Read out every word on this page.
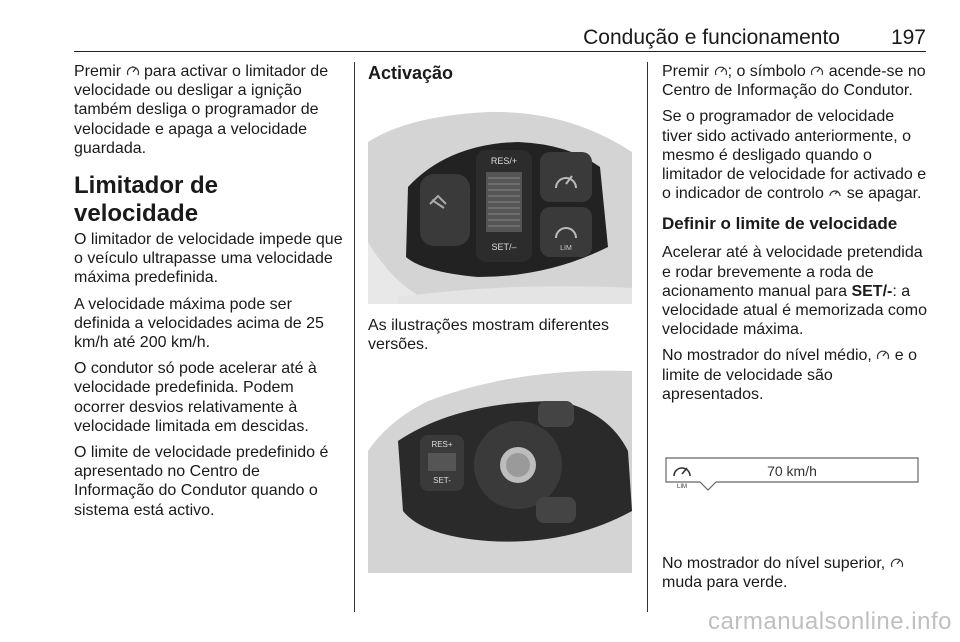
Condução e funcionamento 197

Premir  para activar o limitador de velocidade ou desligar a ignição também desliga o programador de velocidade e apaga a velocidade guardada.

Limitador de velocidade

O limitador de velocidade impede que o veículo ultrapasse uma velocidade máxima predefinida.

A velocidade máxima pode ser definida a velocidades acima de 25 km/h até 200 km/h.

O condutor só pode acelerar até à velocidade predefinida. Podem ocorrer desvios relativamente à velocidade limitada em descidas.

O limite de velocidade predefinido é apresentado no Centro de Informação do Condutor quando o sistema está activo.

Activação
RES/+
SET/–	LIM

As ilustrações mostram diferentes versões.

RES+
SET-

Premir ; o símbolo  acende-se no Centro de Informação do Condutor.

Se o programador de velocidade tiver sido activado anteriormente, o mesmo é desligado quando o limitador de velocidade for activado e o indicador de controlo  se apagar.

Definir o limite de velocidade

Acelerar até à velocidade pretendida e rodar brevemente a roda de acionamento manual para SET/-: a velocidade atual é memorizada como velocidade máxima.

No mostrador do nível médio,  e o limite de velocidade são apresentados.

LIM
70 km/h

No mostrador do nível superior,  muda para verde.

carmanualsonline.info
